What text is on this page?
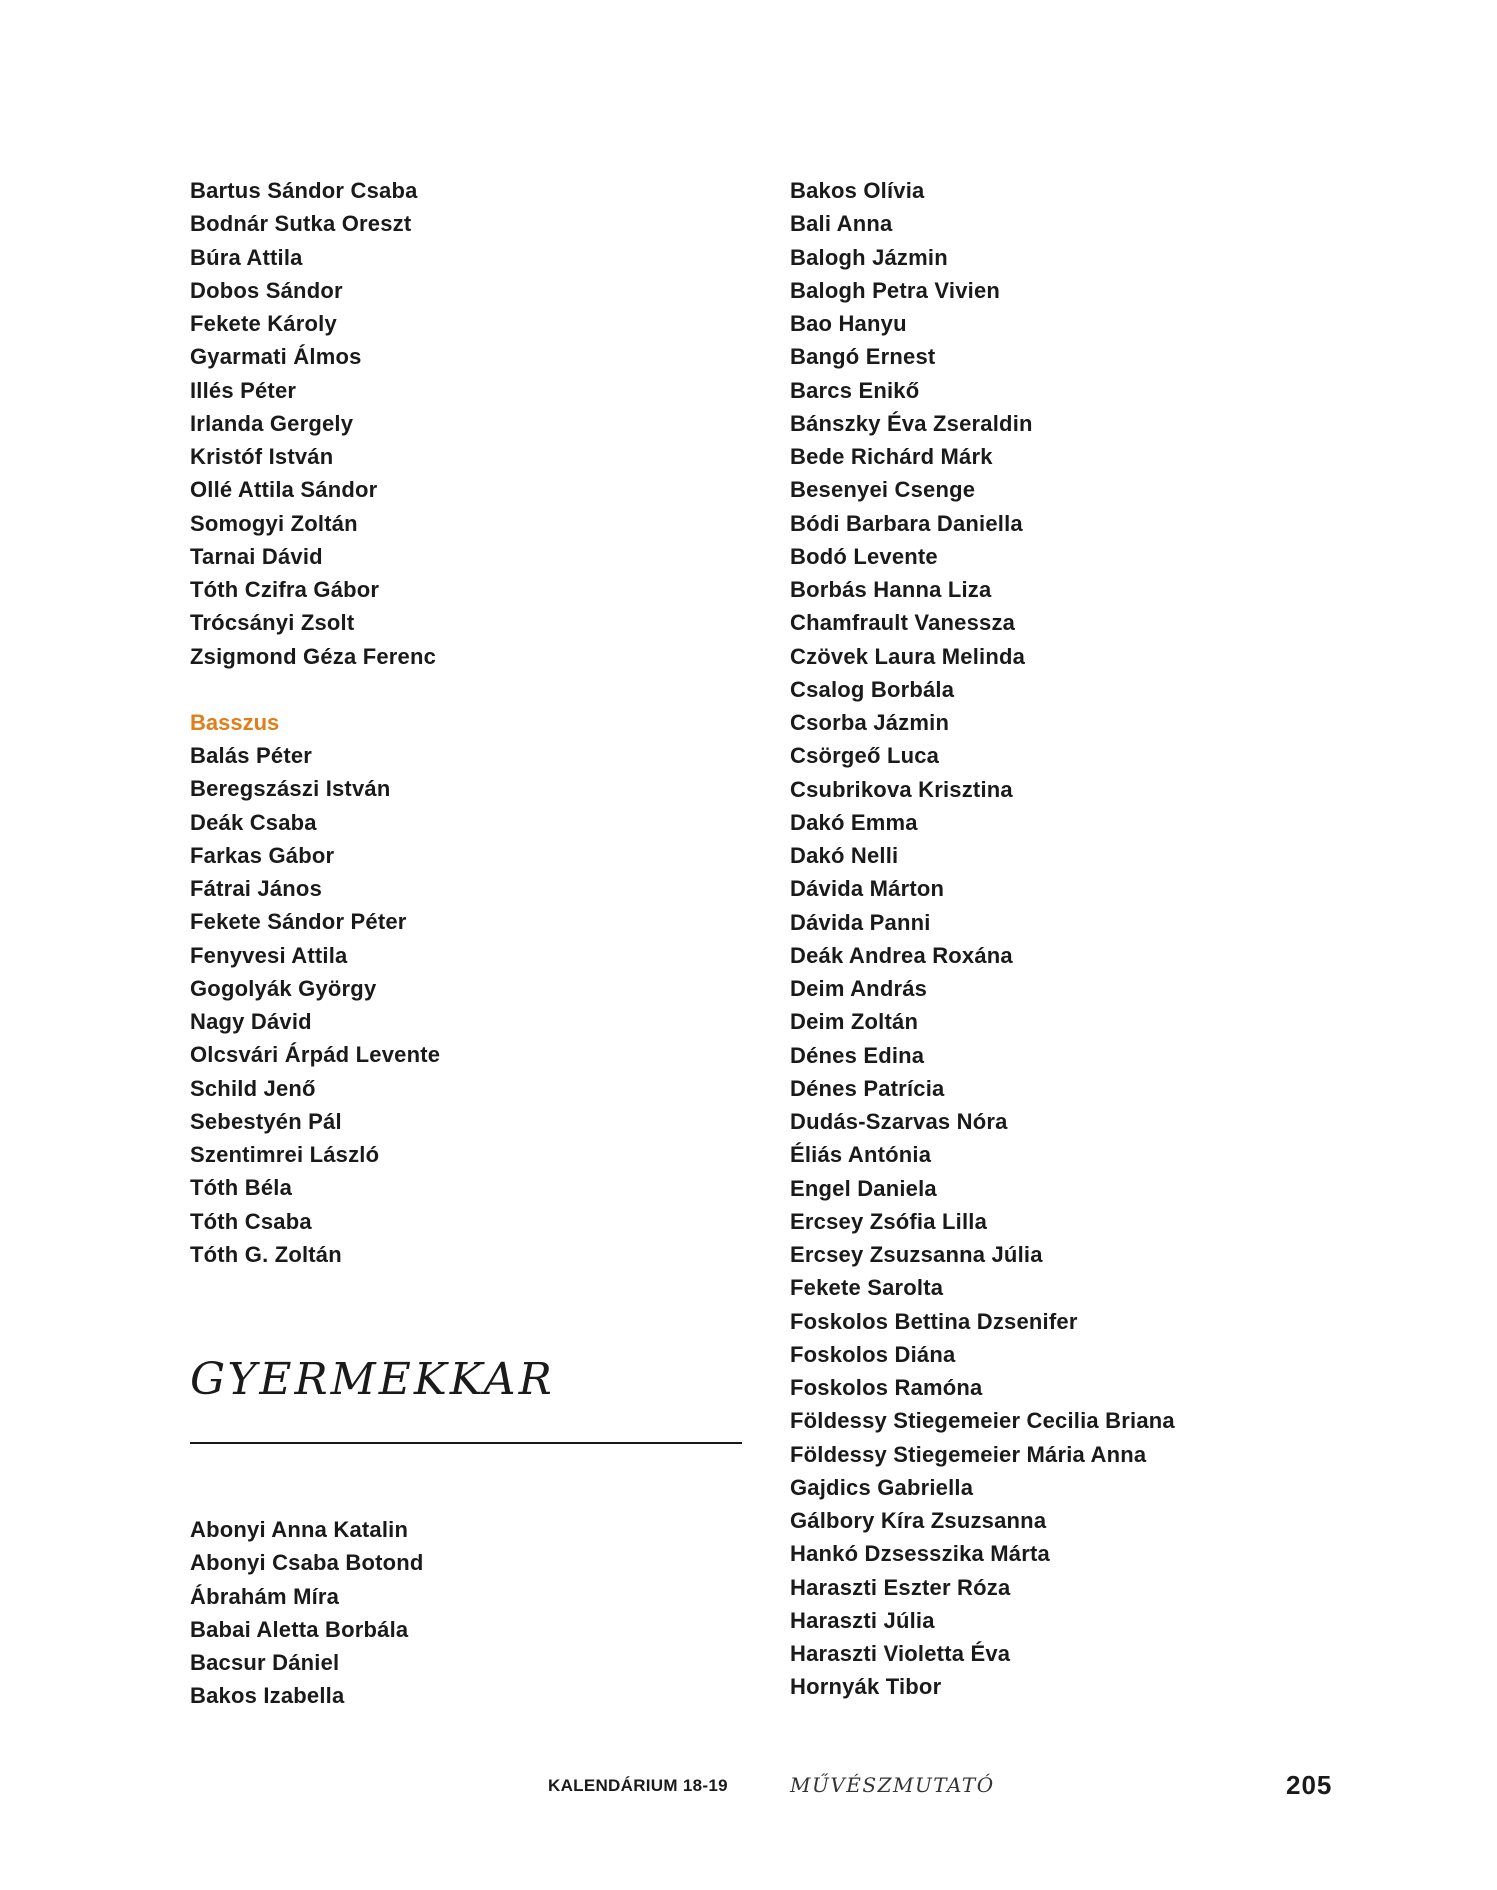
Bartus Sándor Csaba
Bodnár Sutka Oreszt
Búra Attila
Dobos Sándor
Fekete Károly
Gyarmati Álmos
Illés Péter
Irlanda Gergely
Kristóf István
Ollé Attila Sándor
Somogyi Zoltán
Tarnai Dávid
Tóth Czifra Gábor
Trócsányi Zsolt
Zsigmond Géza Ferenc
Basszus
Balás Péter
Beregszászi István
Deák Csaba
Farkas Gábor
Fátrai János
Fekete Sándor Péter
Fenyvesi Attila
Gogolyák György
Nagy Dávid
Olcsvári Árpád Levente
Schild Jenő
Sebestyén Pál
Szentimrei László
Tóth Béla
Tóth Csaba
Tóth G. Zoltán
GYERMEKKAR
Abonyi Anna Katalin
Abonyi Csaba Botond
Ábrahám Míra
Babai Aletta Borbála
Bacsur Dániel
Bakos Izabella
Bakos Olívia
Bali Anna
Balogh Jázmin
Balogh Petra Vivien
Bao Hanyu
Bangó Ernest
Barcs Enikő
Bánszky Éva Zseraldin
Bede Richárd Márk
Besenyei Csenge
Bódi Barbara Daniella
Bodó Levente
Borbás Hanna Liza
Chamfrault Vanessza
Czövek Laura Melinda
Csalog Borbála
Csorba Jázmin
Csörgeő Luca
Csubrikova Krisztina
Dakó Emma
Dakó Nelli
Dávida Márton
Dávida Panni
Deák Andrea Roxána
Deim András
Deim Zoltán
Dénes Edina
Dénes Patrícia
Dudás-Szarvas Nóra
Éliás Antónia
Engel Daniela
Ercsey Zsófia Lilla
Ercsey Zsuzsanna Júlia
Fekete Sarolta
Foskolos Bettina Dzsenifer
Foskolos Diána
Foskolos Ramóna
Földessy Stiegemeier Cecilia Briana
Földessy Stiegemeier Mária Anna
Gajdics Gabriella
Gálbory Kíra Zsuzsanna
Hankó Dzsesszika Márta
Haraszti Eszter Róza
Haraszti Júlia
Haraszti Violetta Éva
Hornyák Tibor
KALENDÁRIUM 18-19	MŰVÉSZMUTATÓ	205
